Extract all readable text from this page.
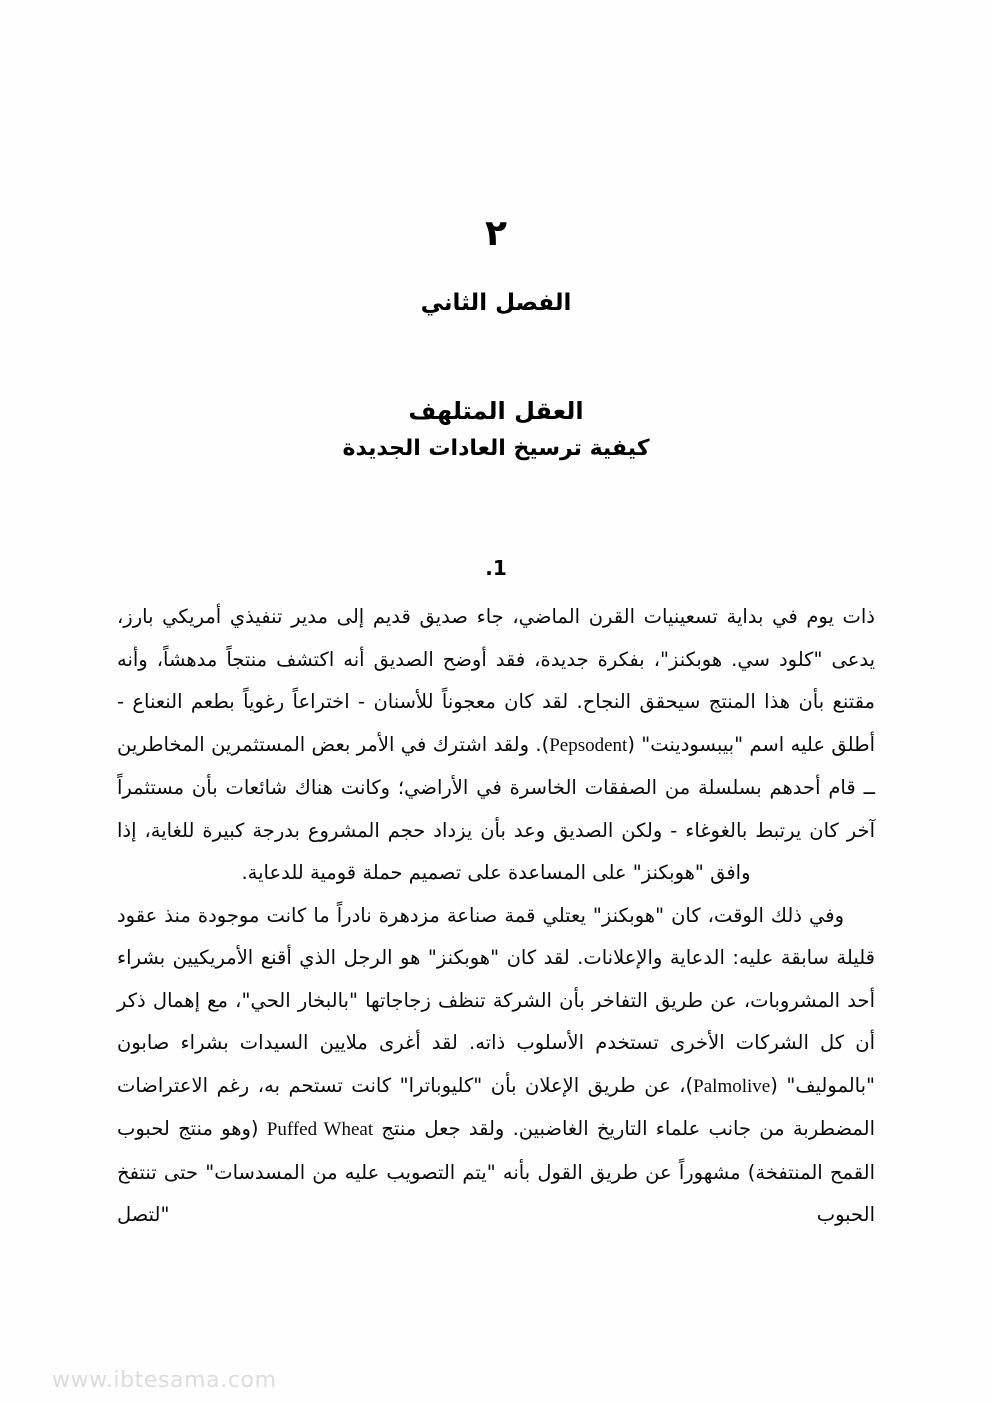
٢
الفصل الثاني
العقل المتلهف
كيفية ترسيخ العادات الجديدة
.1

ذات يوم في بداية تسعينيات القرن الماضي، جاء صديق قديم إلى مدير تنفيذي أمريكي بارز، يدعى "كلود سي. هوبكنز"، بفكرة جديدة، فقد أوضح الصديق أنه اكتشف منتجاً مدهشاً، وأنه مقتنع بأن هذا المنتج سيحقق النجاح. لقد كان معجوناً للأسنان - اختراعاً رغوياً بطعم النعناع - أطلق عليه اسم "بيبسودينت" (Pepsodent). ولقد اشترك في الأمر بعض المستثمرين المخاطرين ــ قام أحدهم بسلسلة من الصفقات الخاسرة في الأراضي؛ وكانت هناك شائعات بأن مستثمراً آخر كان يرتبط بالغوغاء - ولكن الصديق وعد بأن يزداد حجم المشروع بدرجة كبيرة للغاية، إذا وافق "هوبكنز" على المساعدة على تصميم حملة قومية للدعاية.

وفي ذلك الوقت، كان "هوبكنز" يعتلي قمة صناعة مزدهرة نادراً ما كانت موجودة منذ عقود قليلة سابقة عليه: الدعاية والإعلانات. لقد كان "هوبكنز" هو الرجل الذي أقنع الأمريكيين بشراء أحد المشروبات، عن طريق التفاخر بأن الشركة تنظف زجاجاتها "بالبخار الحي"، مع إهمال ذكر أن كل الشركات الأخرى تستخدم الأسلوب ذاته. لقد أغرى ملايين السيدات بشراء صابون "بالموليف" (Palmolive)، عن طريق الإعلان بأن "كليوباترا" كانت تستحم به، رغم الاعتراضات المضطربة من جانب علماء التاريخ الغاضبين. ولقد جعل منتج Puffed Wheat (وهو منتج لحبوب القمح المنتفخة) مشهوراً عن طريق القول بأنه "يتم التصويب عليه من المسدسات" حتى تنتفخ الحبوب "لتصل

www.ibtesama.com
